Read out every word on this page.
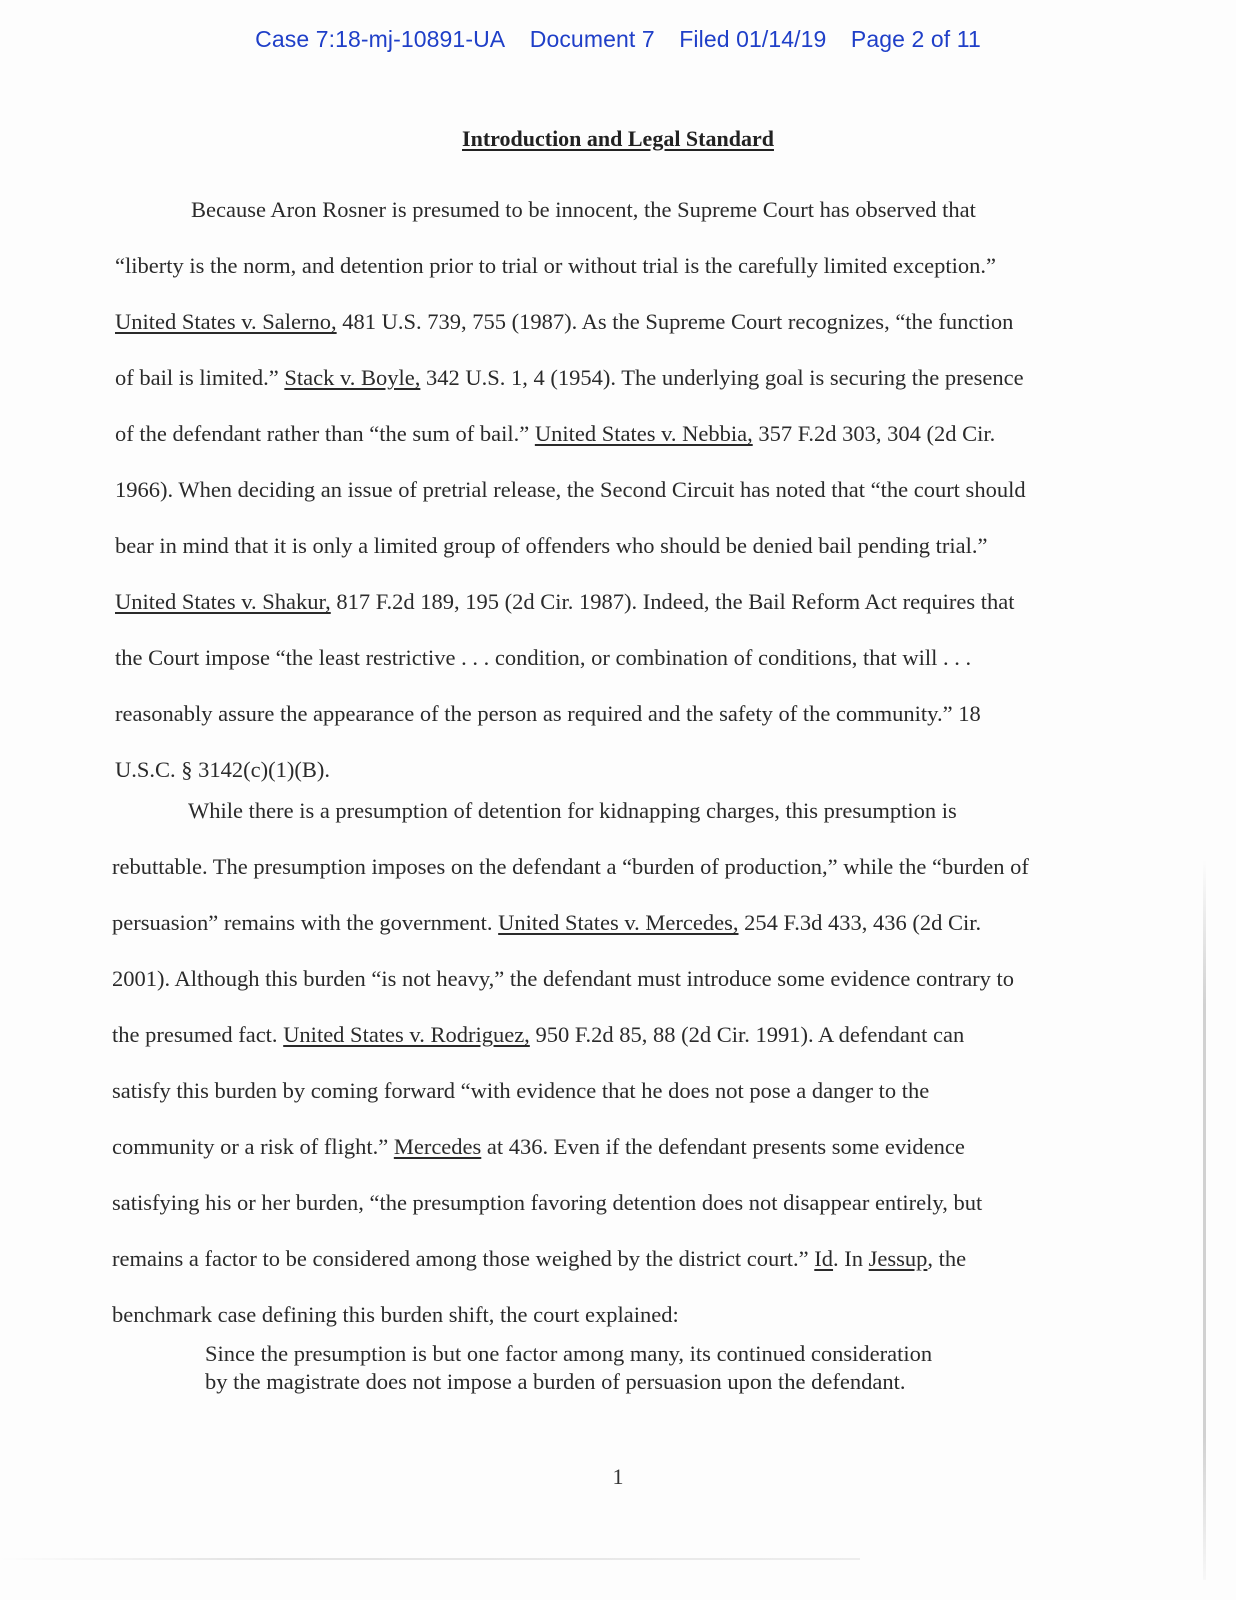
Case 7:18-mj-10891-UA Document 7 Filed 01/14/19 Page 2 of 11
Introduction and Legal Standard
Because Aron Rosner is presumed to be innocent, the Supreme Court has observed that
“liberty is the norm, and detention prior to trial or without trial is the carefully limited exception.”
United States v. Salerno, 481 U.S. 739, 755 (1987). As the Supreme Court recognizes, “the function
of bail is limited.” Stack v. Boyle, 342 U.S. 1, 4 (1954). The underlying goal is securing the presence
of the defendant rather than “the sum of bail.” United States v. Nebbia, 357 F.2d 303, 304 (2d Cir.
1966). When deciding an issue of pretrial release, the Second Circuit has noted that “the court should
bear in mind that it is only a limited group of offenders who should be denied bail pending trial.”
United States v. Shakur, 817 F.2d 189, 195 (2d Cir. 1987). Indeed, the Bail Reform Act requires that
the Court impose “the least restrictive . . . condition, or combination of conditions, that will . . .
reasonably assure the appearance of the person as required and the safety of the community.” 18
U.S.C. § 3142(c)(1)(B).
While there is a presumption of detention for kidnapping charges, this presumption is
rebuttable. The presumption imposes on the defendant a “burden of production,” while the “burden of
persuasion” remains with the government. United States v. Mercedes, 254 F.3d 433, 436 (2d Cir.
2001). Although this burden “is not heavy,” the defendant must introduce some evidence contrary to
the presumed fact. United States v. Rodriguez, 950 F.2d 85, 88 (2d Cir. 1991). A defendant can
satisfy this burden by coming forward “with evidence that he does not pose a danger to the
community or a risk of flight.” Mercedes at 436. Even if the defendant presents some evidence
satisfying his or her burden, “the presumption favoring detention does not disappear entirely, but
remains a factor to be considered among those weighed by the district court.” Id. In Jessup, the
benchmark case defining this burden shift, the court explained:
Since the presumption is but one factor among many, its continued consideration
by the magistrate does not impose a burden of persuasion upon the defendant.
1
